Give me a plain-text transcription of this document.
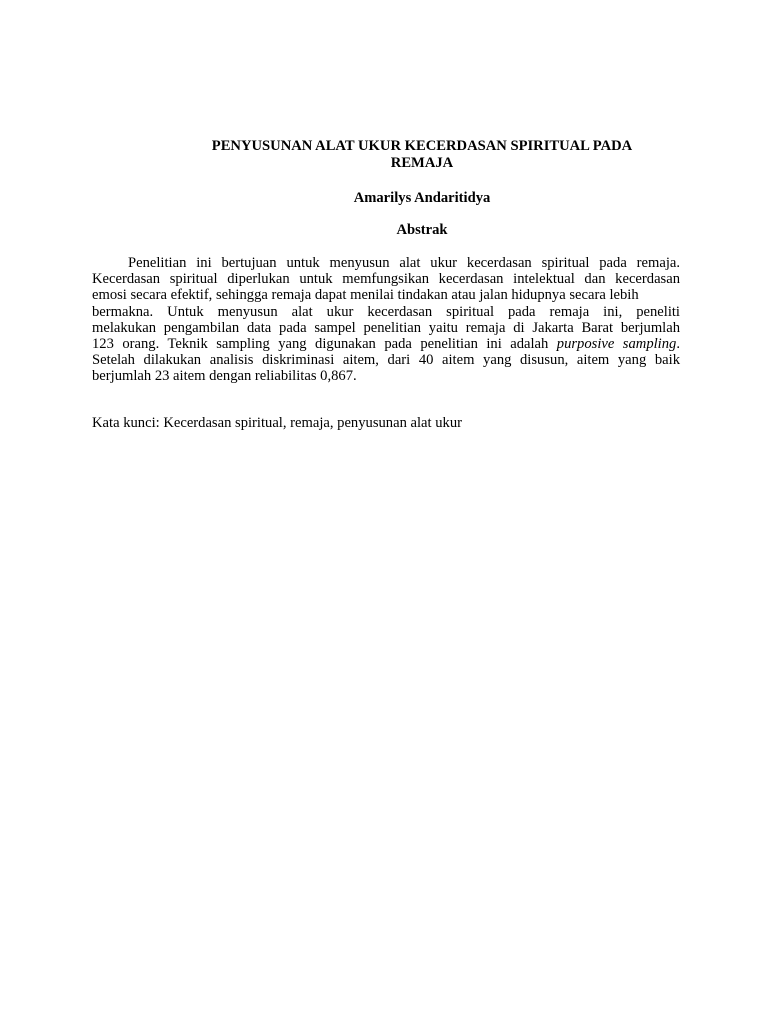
PENYUSUNAN ALAT UKUR KECERDASAN SPIRITUAL PADA
REMAJA
Amarilys Andaritidya
Abstrak
Penelitian ini bertujuan untuk menyusun alat ukur kecerdasan spiritual pada remaja.
Kecerdasan spiritual diperlukan untuk memfungsikan kecerdasan intelektual dan kecerdasan
emosi secara efektif, sehingga remaja dapat menilai tindakan atau jalan hidupnya secara lebih
bermakna. Untuk menyusun alat ukur kecerdasan spiritual pada remaja ini, peneliti
melakukan pengambilan data pada sampel penelitian yaitu remaja di Jakarta Barat berjumlah
123 orang. Teknik sampling yang digunakan pada penelitian ini adalah purposive sampling.
Setelah dilakukan analisis diskriminasi aitem, dari 40 aitem yang disusun, aitem yang baik
berjumlah 23 aitem dengan reliabilitas 0,867.
Kata kunci: Kecerdasan spiritual, remaja, penyusunan alat ukur
